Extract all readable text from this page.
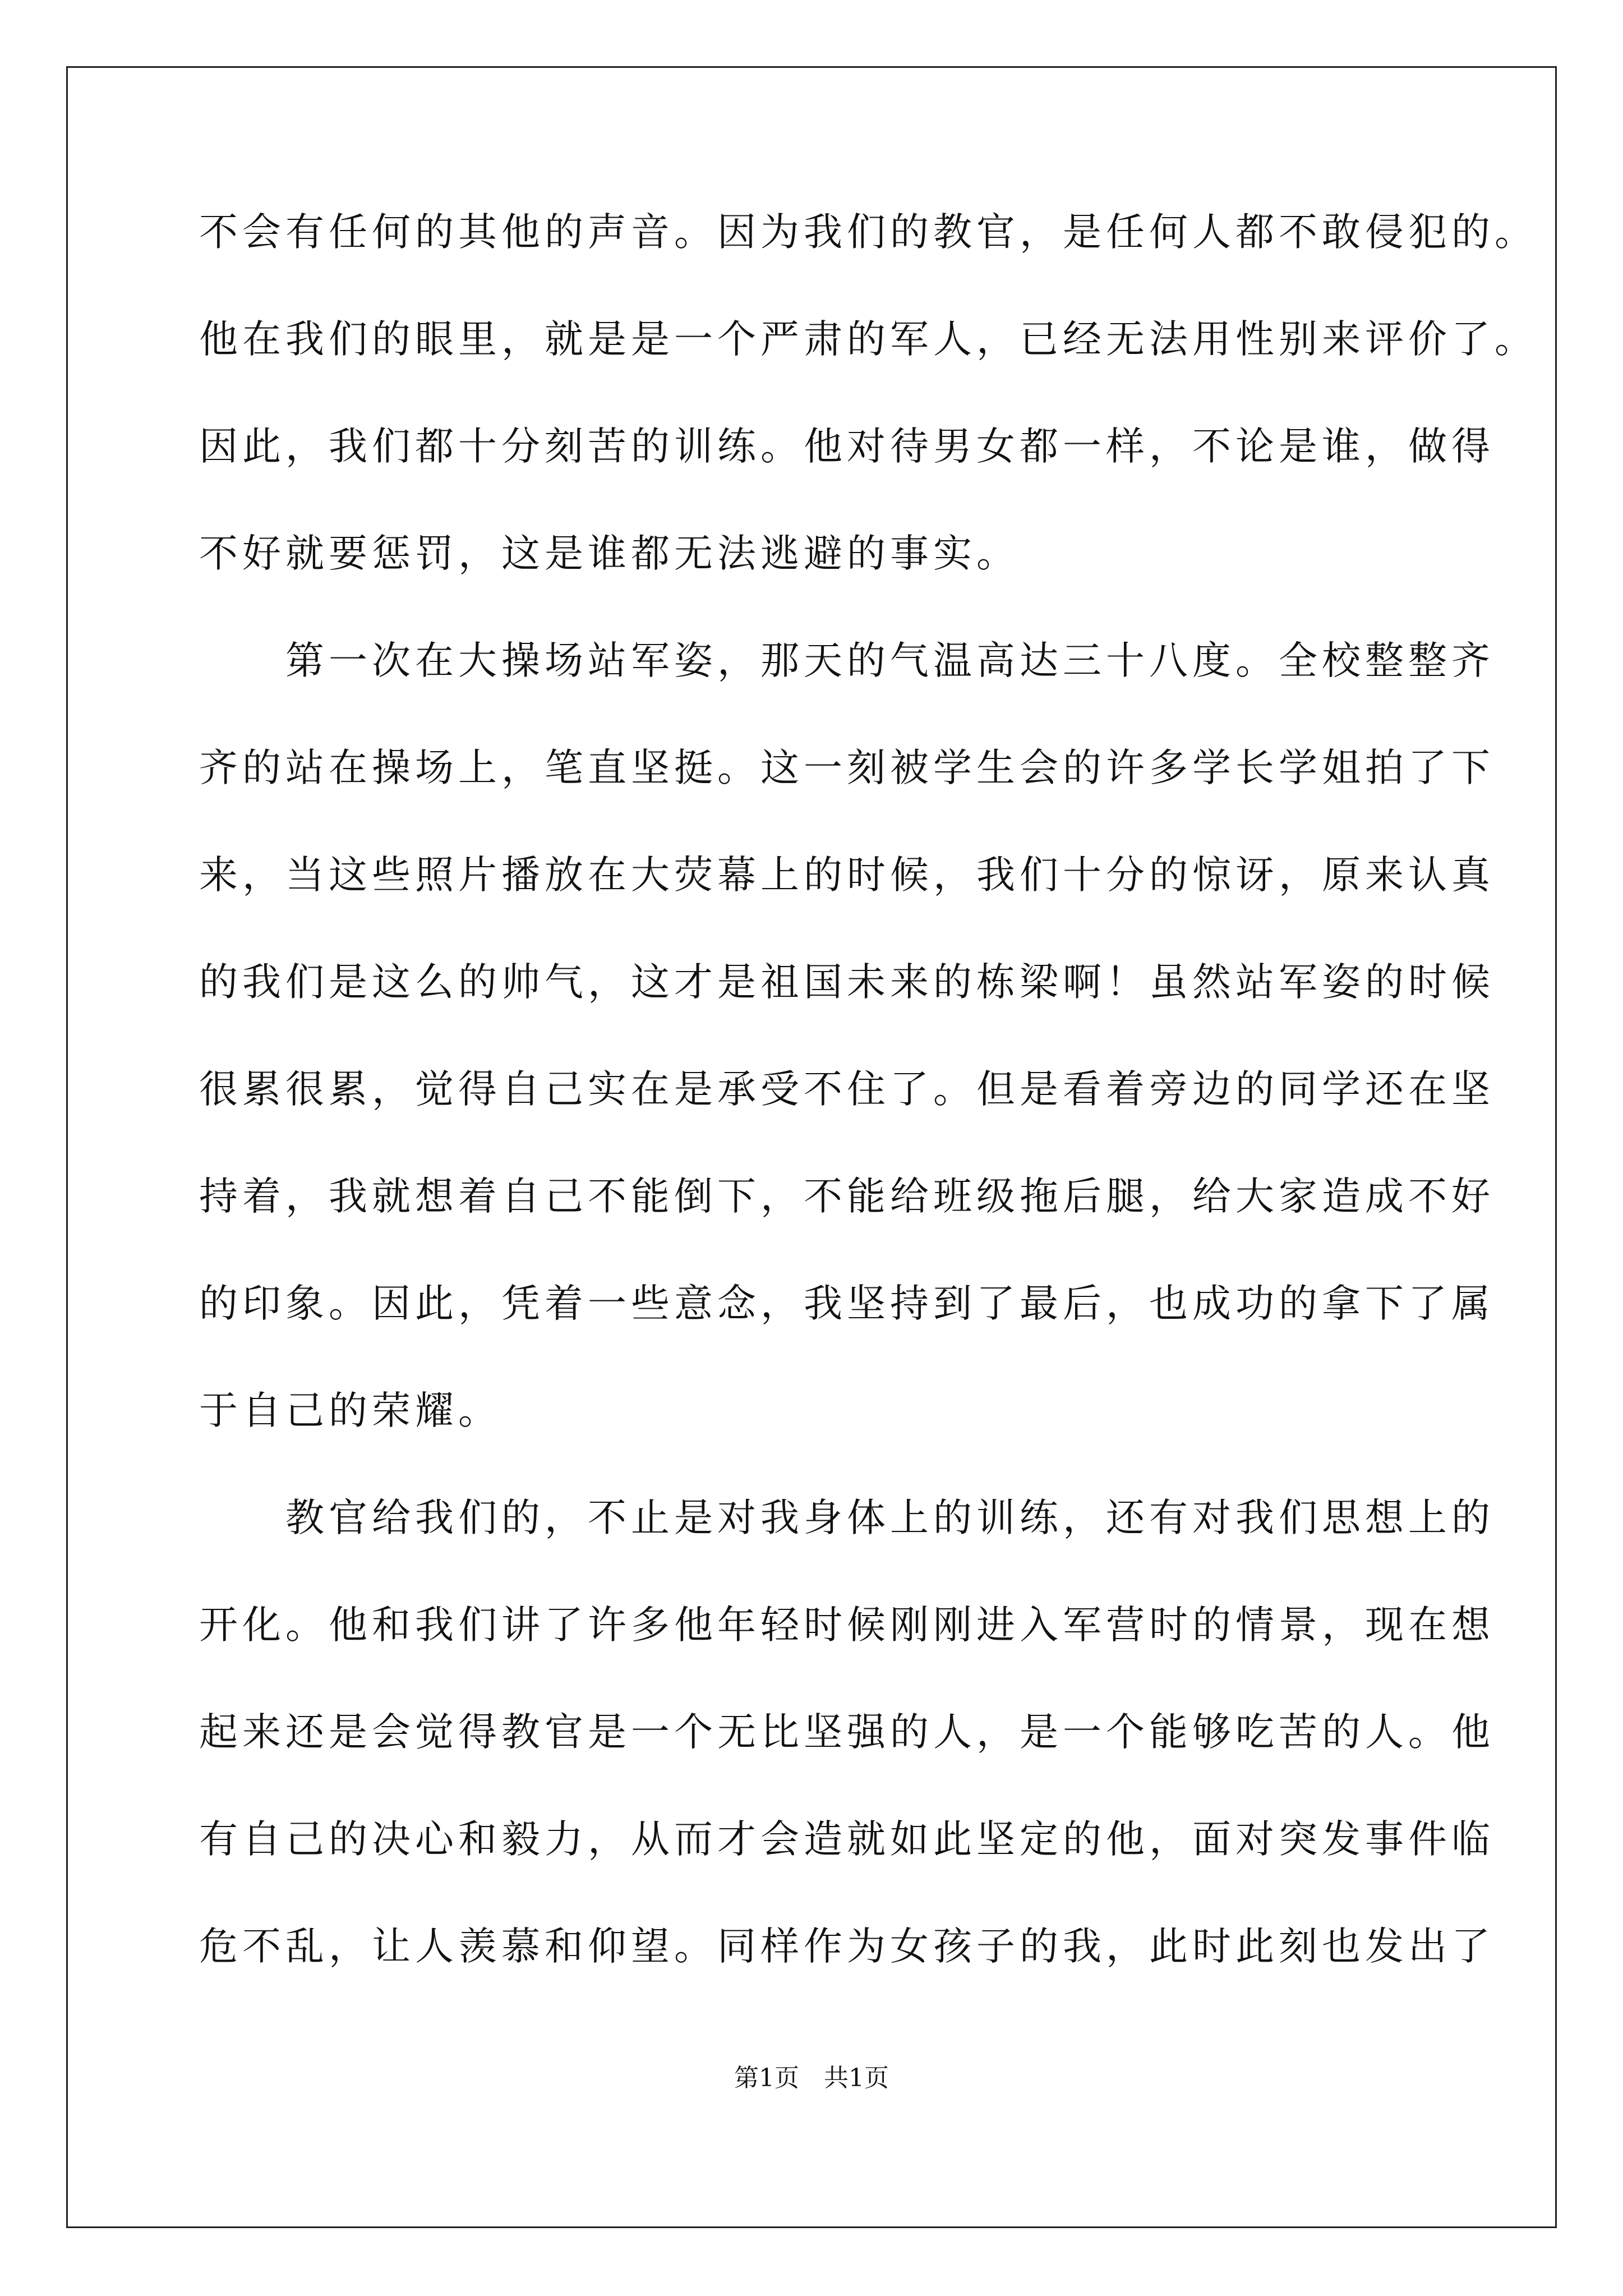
不会有任何的其他的声音。因为我们的教官，是任何人都不敢侵犯的。
他在我们的眼里，就是是一个严肃的军人，已经无法用性别来评价了。
因此，我们都十分刻苦的训练。他对待男女都一样，不论是谁，做得
不好就要惩罚，这是谁都无法逃避的事实。
　　第一次在大操场站军姿，那天的气温高达三十八度。全校整整齐
齐的站在操场上，笔直坚挺。这一刻被学生会的许多学长学姐拍了下
来，当这些照片播放在大荧幕上的时候，我们十分的惊讶，原来认真
的我们是这么的帅气，这才是祖国未来的栋梁啊！虽然站军姿的时候
很累很累，觉得自己实在是承受不住了。但是看着旁边的同学还在坚
持着，我就想着自己不能倒下，不能给班级拖后腿，给大家造成不好
的印象。因此，凭着一些意念，我坚持到了最后，也成功的拿下了属
于自己的荣耀。
　　教官给我们的，不止是对我身体上的训练，还有对我们思想上的
开化。他和我们讲了许多他年轻时候刚刚进入军营时的情景，现在想
起来还是会觉得教官是一个无比坚强的人，是一个能够吃苦的人。他
有自己的决心和毅力，从而才会造就如此坚定的他，面对突发事件临
危不乱，让人羡慕和仰望。同样作为女孩子的我，此时此刻也发出了
第1页　共1页
